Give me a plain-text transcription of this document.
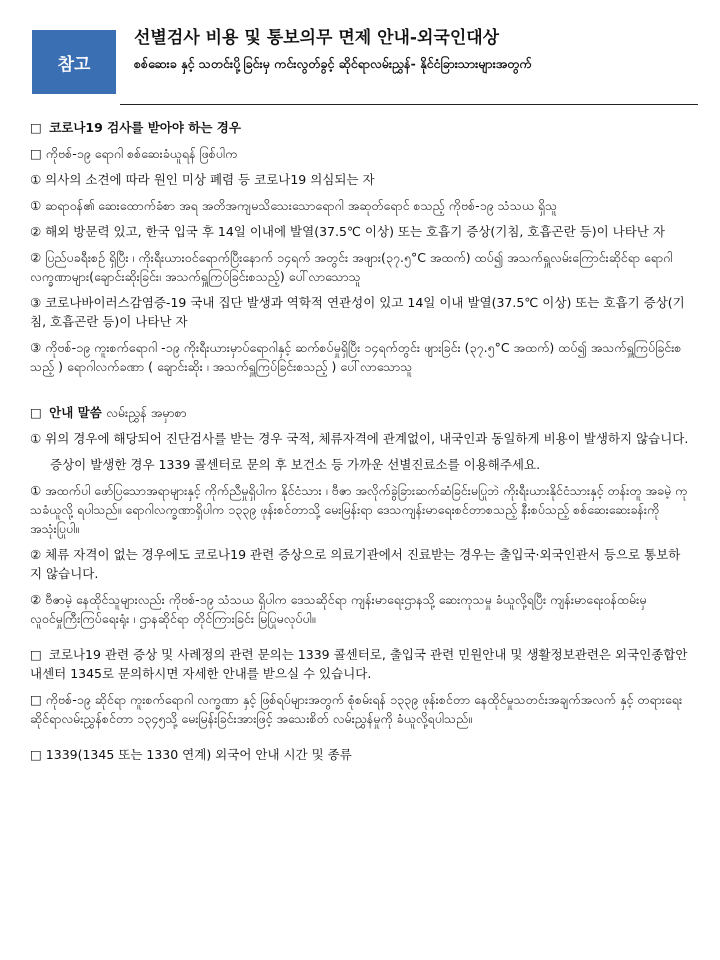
참고
선별검사 비용 및 통보의무 면제 안내-외국인대상
စစ်ဆေးခ နှင့် သတင်းပို့ခြင်းမှ ကင်းလွတ်ခွင့် ဆိုင်ရာလမ်းညွှန်- နိုင်ငံခြားသားများအတွက်
□ 코로나19 검사를 받아야 하는 경우
□ ကိုဗစ်-၁၉ ရောဂါ စစ်ဆေးခံယူရန် ဖြစ်ပါက
① 의사의 소견에 따라 원인 미상 폐렴 등 코로나19 의심되는 자
① ဆရာဝန်၏ ဆေးထောက်ခံစာ အရ အတိအကျမသိသေးသောရောဂါ အဆုတ်ရောင် စသည့် ကိုဗစ်-၁၉ သံသယ ရှိသူ
② 해외 방문력 있고, 한국 입국 후 14일 이내에 발열(37.5℃ 이상) 또는 호흡기 증상(기침, 호흡곤란 등)이 나타난 자
② ပြည်ပခရီးစဉ် ရှိပြီး ၊ ကိုးရီးယားဝင်ရောက်ပြီးနောက် ၁၄ရက် အတွင်း အဖျား(၃၇.၅°C အထက်) ထပ်၍ အသက်ရှူလမ်းကြောင်းဆိုင်ရာ ရောဂါလက္ခဏာများ(ချောင်းဆိုးခြင်း၊ အသက်ရှူကြပ်ခြင်းစသည့်) ပေါ်လာသောသူ
③ 코로나바이러스감염증-19 국내 집단 발생과 역학적 연관성이 있고 14일 이내 발열(37.5℃ 이상) 또는 호흡기 증상(기침, 호흡곤란 등)이 나타난 자
③ ကိုဗစ်-၁၉ ကူးစက်ရောဂါ -၁၉ ကိုးရီးယားမှာပ်ရောဂါနှင့် ဆက်စပ်မှုရှိပြီး ၁၄ရက်တွင်း ဖျားခြင်း (၃၇.၅°C အထက်) ထပ်၍ အသက်ရှူကြပ်ခြင်းစသည့် ) ရောဂါလက်ခဏာ ( ချောင်းဆိုး ၊ အသက်ရှူကြပ်ခြင်းစသည့် ) ပေါ်လာသောသူ
□ 안내 말씀 လမ်းညွှန် အမှာစာ
① 위의 경우에 해당되어 진단검사를 받는 경우 국적, 체류자격에 관계없이, 내국인과 동일하게 비용이 발생하지 않습니다.
증상이 발생한 경우 1339 콜센터로 문의 후 보건소 등 가까운 선별진료소를 이용해주세요.
① အထက်ပါ ဖော်ပြသောအရာများနှင့် ကိုက်ညီမှုရှိပါက နိုင်ငံသား ၊ ဗီဇာ အလိုက်ခွဲခြားဆက်ဆံခြင်းမပြုဘဲ ကိုးရီးယားနိုင်ငံသားနှင့် တန်းတူ အခမဲ့ ကုသခံယူလို့ ရပါသည်။ ရောဂါလက္ခဏာရှိပါက ၁၃၃၉ ဖုန်းစင်တာသို့ မေးမြန်းရာ ဒေသကျန်းမာရေးစင်တာစသည့် နီးစပ်သည့် စစ်ဆေးဆေးခန်းကို အသုံးပြုပါ။
② 체류 자격이 없는 경우에도 코로나19 관련 증상으로 의료기관에서 진료받는 경우는 출입국·외국인관서 등으로 통보하지 않습니다.
② ဗီဇာမဲ့ နေထိုင်သူများလည်း ကိုဗစ်-၁၉ သံသယ ရှိပါက ဒေသဆိုင်ရာ ကျန်းမာရေးဌာနသို့ ဆေးကုသမှု ခံယူလို့ရပြီး ကျန်းမာရေးဝန်ထမ်းမှ လူဝင်မှုကြီးကြပ်ရေးရုံး ၊ ဌာနဆိုင်ရာ တိုင်ကြားခြင်း မြပြုမလုပ်ပါ။
□ 코로나19 관련 증상 및 사례정의 관련 문의는 1339 콜센터로, 출입국 관련 민원안내 및 생활정보관련은 외국인종합안내센터 1345로 문의하시면 자세한 안내를 받으실 수 있습니다.
□ ကိုဗစ်-၁၉ ဆိုင်ရာ ကူးစက်ရောဂါ လက္ခဏာ နှင့် ဖြစ်ရပ်များအတွက် စုံစမ်းရန် ၁၃၃၉ ဖုန်းစင်တာ နေထိုင်မှုသတင်းအချက်အလက် နှင့် တရားရေးဆိုင်ရာလမ်းညွှန်စင်တာ ၁၃၄၅သို့ မေးမြန်းခြင်းအားဖြင့် အသေးစိတ် လမ်းညွှန်မှုကို ခံယူလို့ရပါသည်။
□ 1339(1345 또는 1330 연계) 외국어 안내 시간 및 종류
